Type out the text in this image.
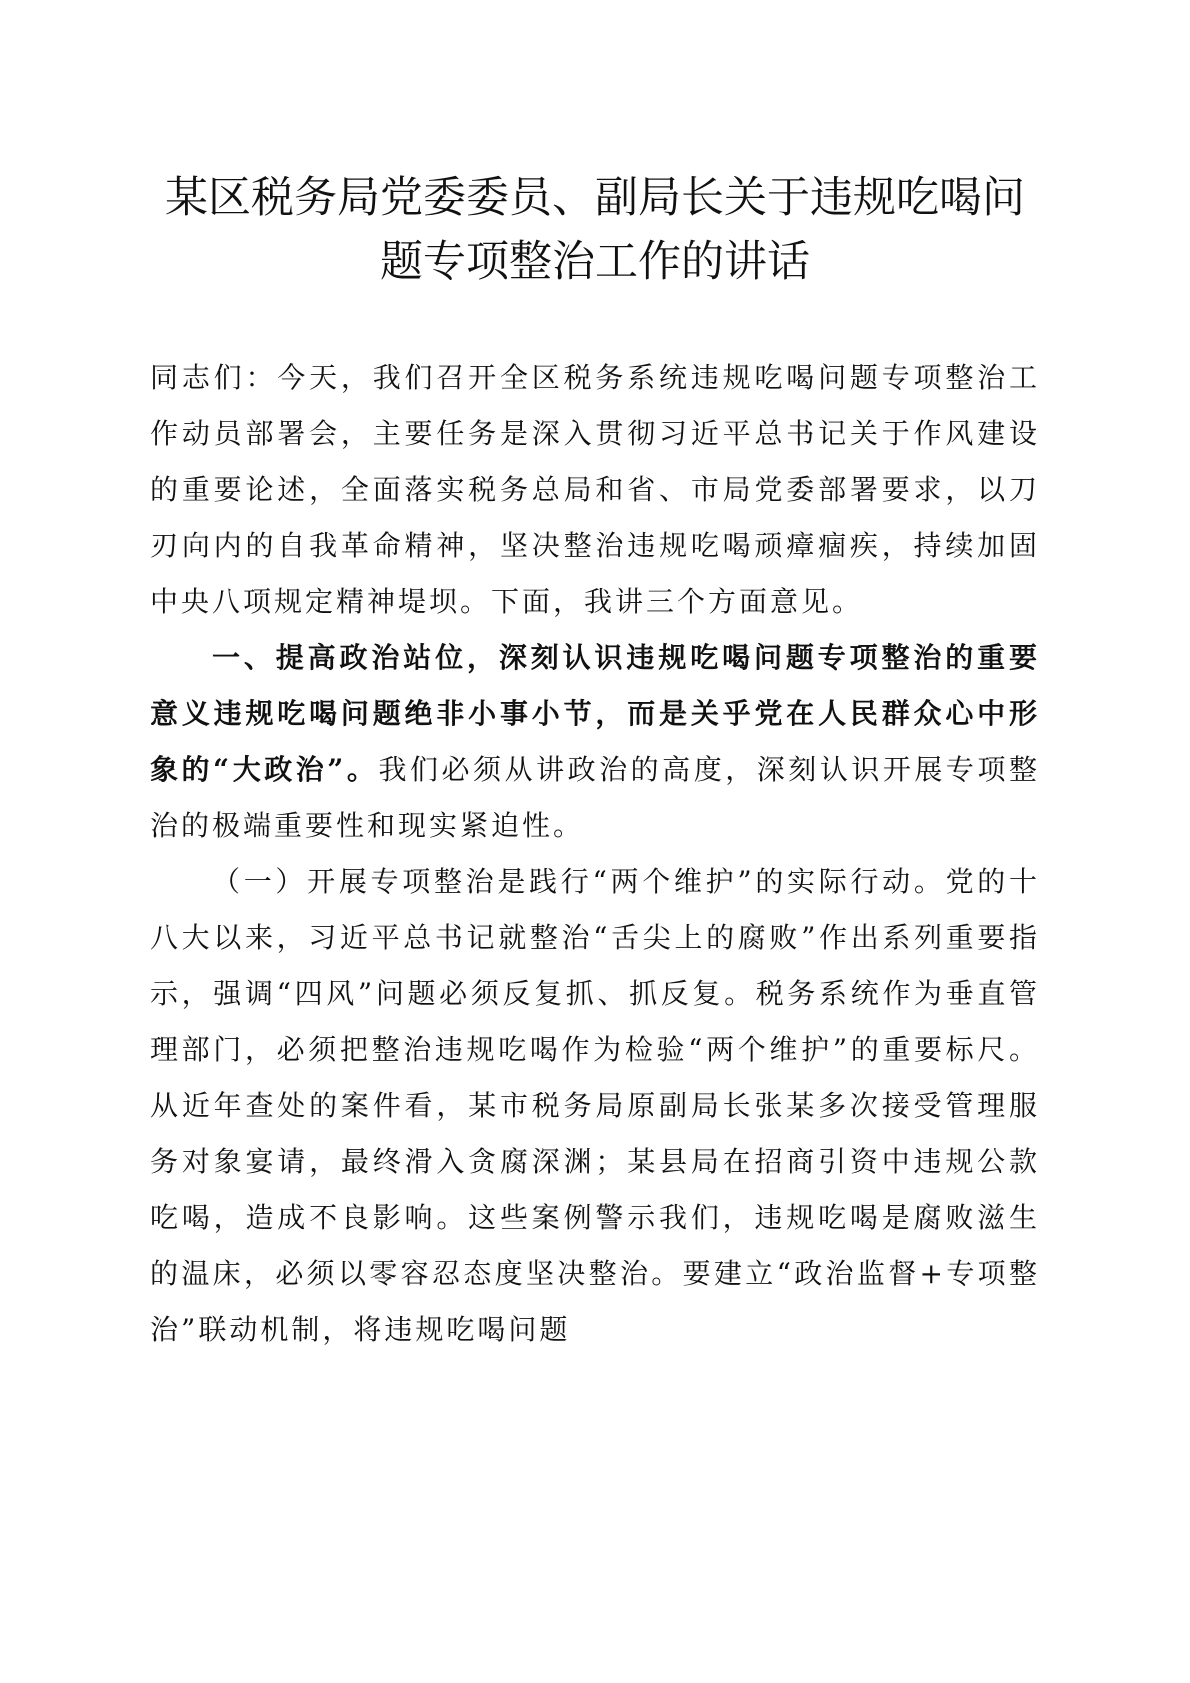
某区税务局党委委员、副局长关于违规吃喝问
题专项整治工作的讲话

同志们：今天，我们召开全区税务系统违规吃喝问题专项整治工作动员部署会，主要任务是深入贯彻习近平总书记关于作风建设的重要论述，全面落实税务总局和省、市局党委部署要求，以刀刃向内的自我革命精神，坚决整治违规吃喝顽瘴痼疾，持续加固中央八项规定精神堤坝。下面，我讲三个方面意见。

一、提高政治站位，深刻认识违规吃喝问题专项整治的重要意义违规吃喝问题绝非小事小节，而是关乎党在人民群众心中形象的“大政治”。我们必须从讲政治的高度，深刻认识开展专项整治的极端重要性和现实紧迫性。

（一）开展专项整治是践行“两个维护”的实际行动。党的十八大以来，习近平总书记就整治“舌尖上的腐败”作出系列重要指示，强调“四风”问题必须反复抓、抓反复。税务系统作为垂直管理部门，必须把整治违规吃喝作为检验“两个维护”的重要标尺。从近年查处的案件看，某市税务局原副局长张某多次接受管理服务对象宴请，最终滑入贪腐深渊；某县局在招商引资中违规公款吃喝，造成不良影响。这些案例警示我们，违规吃喝是腐败滋生的温床，必须以零容忍态度坚决整治。要建立“政治监督+专项整治”联动机制，将违规吃喝问题
